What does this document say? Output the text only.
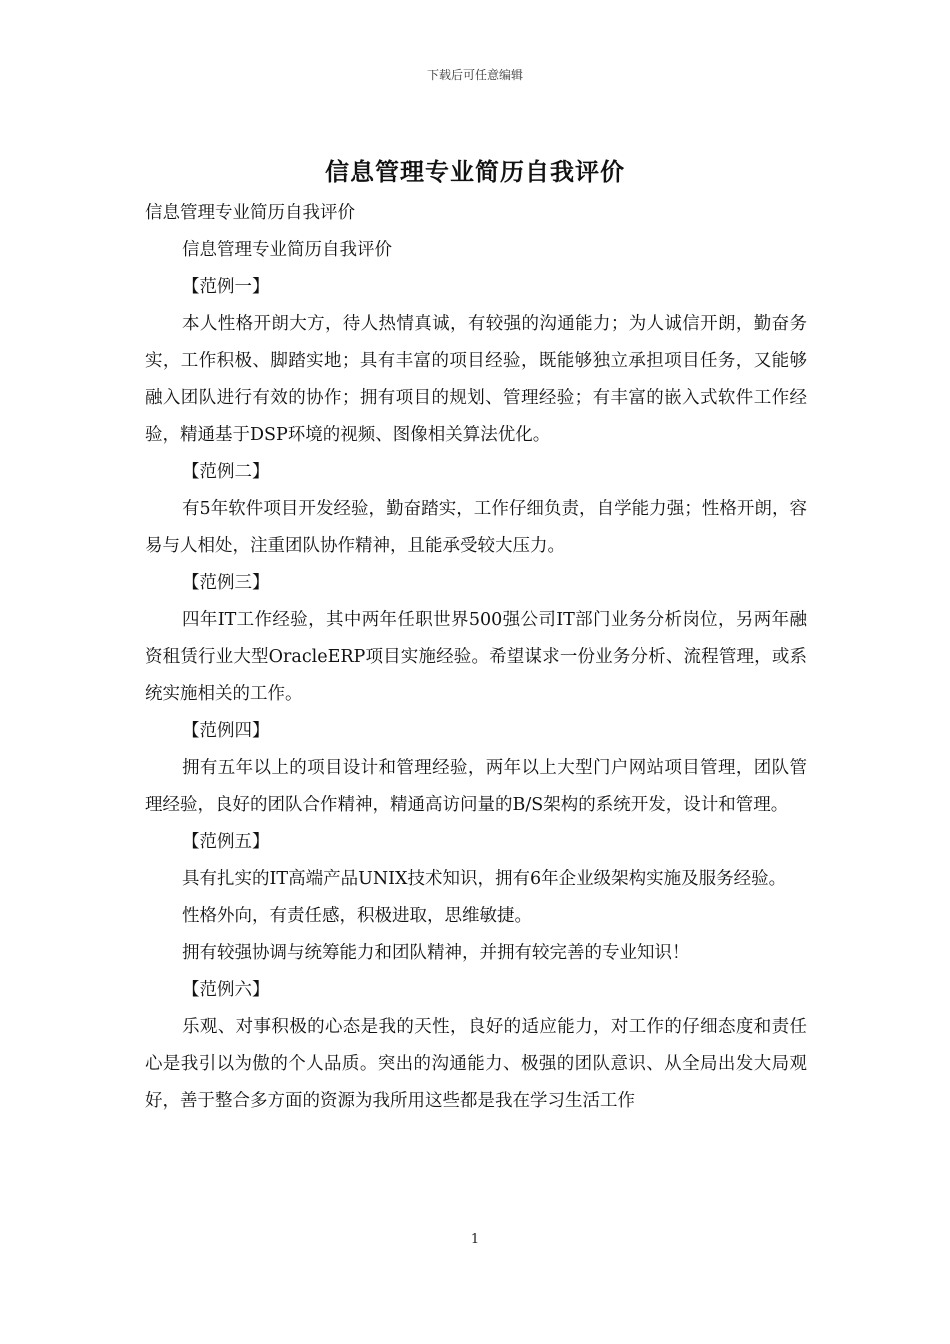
下载后可任意编辑
信息管理专业简历自我评价

信息管理专业简历自我评价

信息管理专业简历自我评价

【范例一】

本人性格开朗大方，待人热情真诚，有较强的沟通能力；为人诚信开朗，勤奋务实，工作积极、脚踏实地；具有丰富的项目经验，既能够独立承担项目任务，又能够融入团队进行有效的协作；拥有项目的规划、管理经验；有丰富的嵌入式软件工作经验，精通基于DSP环境的视频、图像相关算法优化。

【范例二】

有5年软件项目开发经验，勤奋踏实，工作仔细负责，自学能力强；性格开朗，容易与人相处，注重团队协作精神，且能承受较大压力。

【范例三】

四年IT工作经验，其中两年任职世界500强公司IT部门业务分析岗位，另两年融资租赁行业大型OracleERP项目实施经验。希望谋求一份业务分析、流程管理，或系统实施相关的工作。

【范例四】

拥有五年以上的项目设计和管理经验，两年以上大型门户网站项目管理，团队管理经验，良好的团队合作精神，精通高访问量的B/S架构的系统开发，设计和管理。

【范例五】

具有扎实的IT高端产品UNIX技术知识，拥有6年企业级架构实施及服务经验。

性格外向，有责任感，积极进取，思维敏捷。

拥有较强协调与统筹能力和团队精神，并拥有较完善的专业知识！

【范例六】

乐观、对事积极的心态是我的天性，良好的适应能力，对工作的仔细态度和责任心是我引以为傲的个人品质。突出的沟通能力、极强的团队意识、从全局出发大局观好，善于整合多方面的资源为我所用这些都是我在学习生活工作

1
